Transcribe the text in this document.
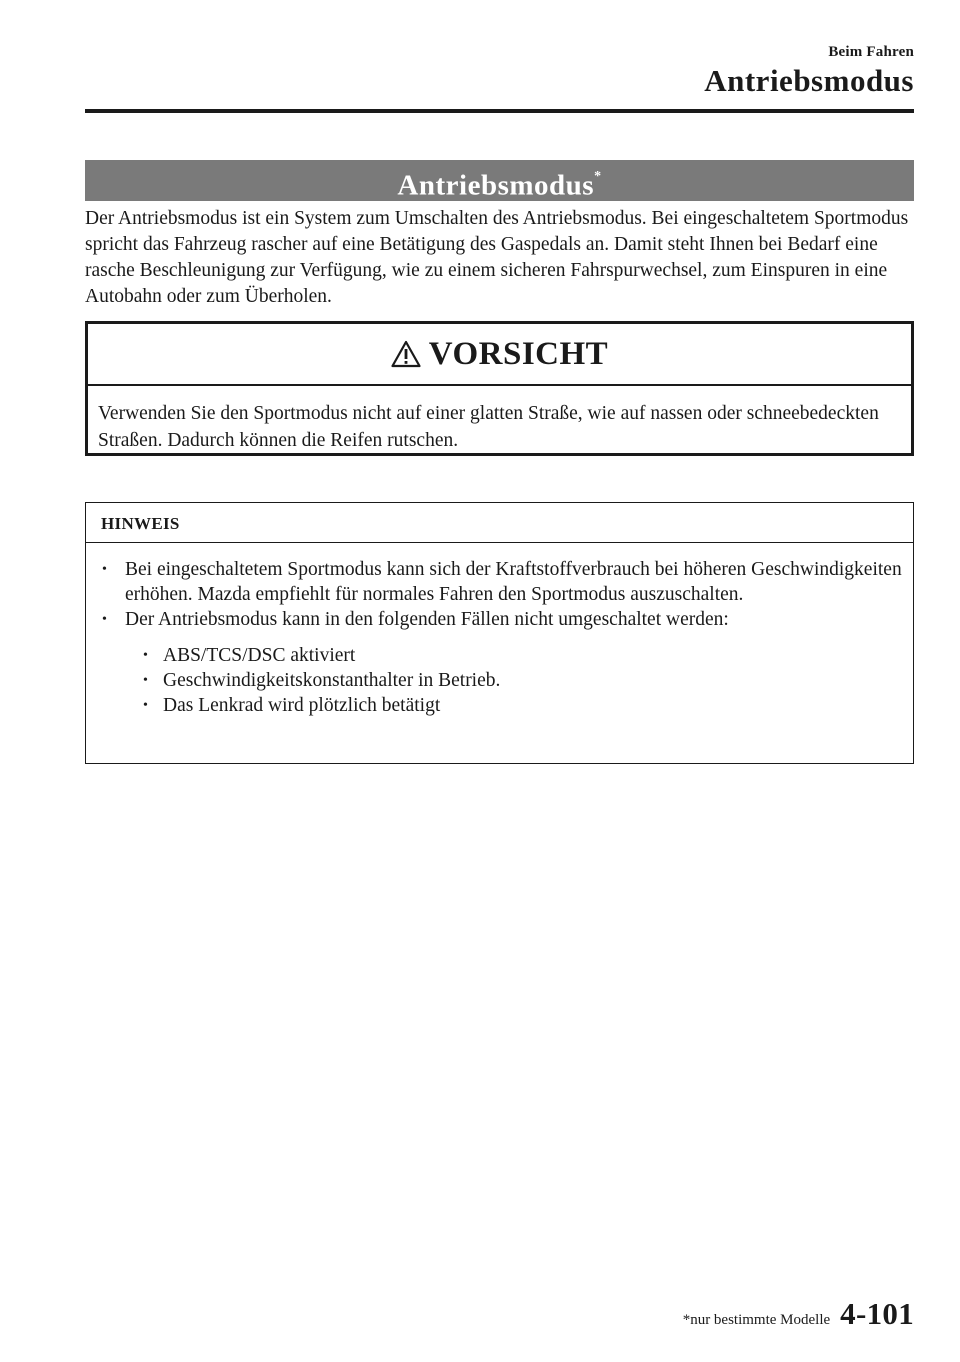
Beim Fahren
Antriebsmodus
Antriebsmodus*

Der Antriebsmodus ist ein System zum Umschalten des Antriebsmodus. Bei eingeschaltetem Sportmodus spricht das Fahrzeug rascher auf eine Betätigung des Gaspedals an. Damit steht Ihnen bei Bedarf eine rasche Beschleunigung zur Verfügung, wie zu einem sicheren Fahrspurwechsel, zum Einspuren in eine Autobahn oder zum Überholen.

VORSICHT

Verwenden Sie den Sportmodus nicht auf einer glatten Straße, wie auf nassen oder schneebedeckten Straßen. Dadurch können die Reifen rutschen.

HINWEIS
• Bei eingeschaltetem Sportmodus kann sich der Kraftstoffverbrauch bei höheren Geschwindigkeiten erhöhen. Mazda empfiehlt für normales Fahren den Sportmodus auszuschalten.
• Der Antriebsmodus kann in den folgenden Fällen nicht umgeschaltet werden:
• ABS/TCS/DSC aktiviert
• Geschwindigkeitskonstanthalter in Betrieb.
• Das Lenkrad wird plötzlich betätigt
*nur bestimmte Modelle 4-101
